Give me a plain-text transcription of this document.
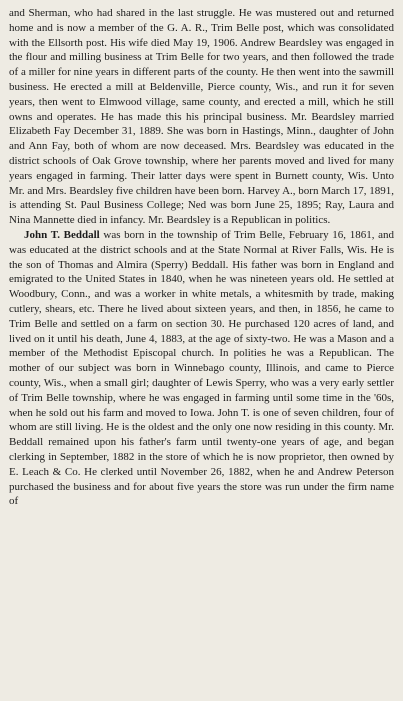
and Sherman, who had shared in the last struggle. He was mustered out and returned home and is now a member of the G. A. R., Trim Belle post, which was consolidated with the Ellsorth post. His wife died May 19, 1906. Andrew Beardsley was engaged in the flour and milling business at Trim Belle for two years, and then followed the trade of a miller for nine years in different parts of the county. He then went into the sawmill business. He erected a mill at Beldenville, Pierce county, Wis., and run it for seven years, then went to Elmwood village, same county, and erected a mill, which he still owns and operates. He has made this his principal business. Mr. Beardsley married Elizabeth Fay December 31, 1889. She was born in Hastings, Minn., daughter of John and Ann Fay, both of whom are now deceased. Mrs. Beardsley was educated in the district schools of Oak Grove township, where her parents moved and lived for many years engaged in farming. Their latter days were spent in Burnett county, Wis. Unto Mr. and Mrs. Beardsley five children have been born. Harvey A., born March 17, 1891, is attending St. Paul Business College; Ned was born June 25, 1895; Ray, Laura and Nina Mannette died in infancy. Mr. Beardsley is a Republican in politics.

John T. Beddall was born in the township of Trim Belle, February 16, 1861, and was educated at the district schools and at the State Normal at River Falls, Wis. He is the son of Thomas and Almira (Sperry) Beddall. His father was born in England and emigrated to the United States in 1840, when he was nineteen years old. He settled at Woodbury, Conn., and was a worker in white metals, a whitesmith by trade, making cutlery, shears, etc. There he lived about sixteen years, and then, in 1856, he came to Trim Belle and settled on a farm on section 30. He purchased 120 acres of land, and lived on it until his death, June 4, 1883, at the age of sixty-two. He was a Mason and a member of the Methodist Episcopal church. In polities he was a Republican. The mother of our subject was born in Winnebago county, Illinois, and came to Pierce county, Wis., when a small girl; daughter of Lewis Sperry, who was a very early settler of Trim Belle township, where he was engaged in farming until some time in the '60s, when he sold out his farm and moved to Iowa. John T. is one of seven children, four of whom are still living. He is the oldest and the only one now residing in this county. Mr. Beddall remained upon his father's farm until twenty-one years of age, and began clerking in September, 1882 in the store of which he is now proprietor, then owned by E. Leach & Co. He clerked until November 26, 1882, when he and Andrew Peterson purchased the business and for about five years the store was run under the firm name of
